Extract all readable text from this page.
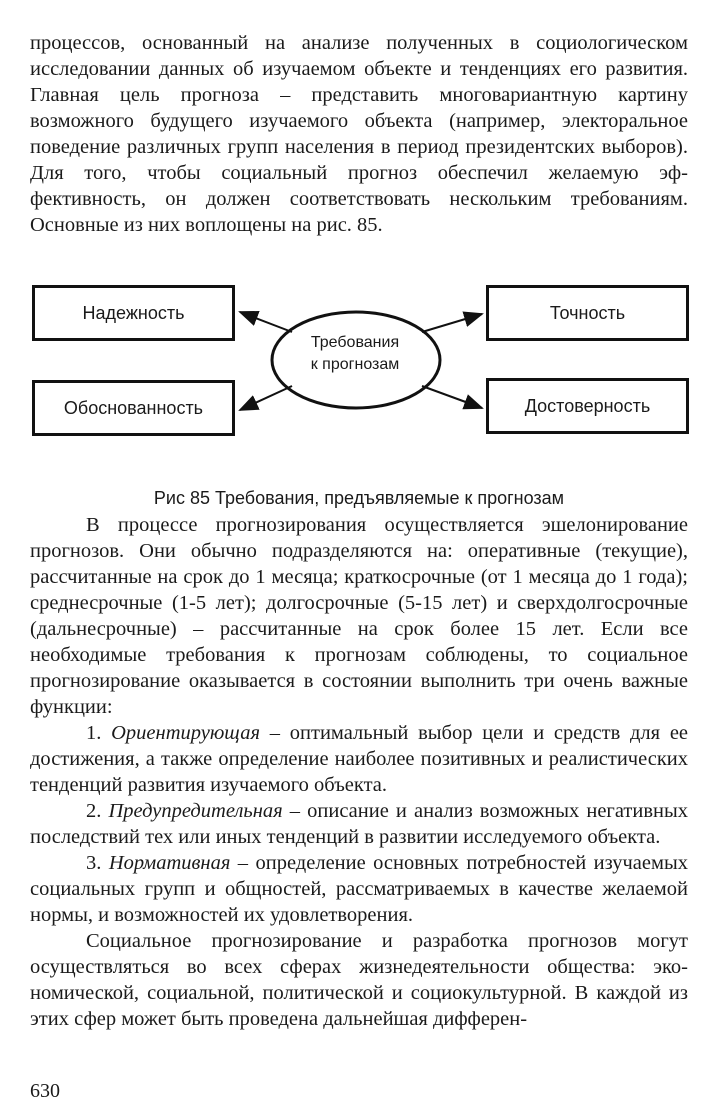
процессов, основанный на анализе полученных в социологическом исследовании данных об изучаемом объекте и тенденциях его развития. Главная цель прогноза – представить многовариантную картину возможного будущего изучаемого объекта (например, электоральное поведение различных групп населения в период президентских выборов). Для того, чтобы социальный прогноз обеспечил желаемую эффективность, он должен соответствовать нескольким требованиям. Основные из них воплощены на рис. 85.

Надежность
Обоснованность
Точность
Достоверность
Требования
к прогнозам
Рис 85 Требования, предъявляемые к прогнозам

В процессе прогнозирования осуществляется эшелонирование прогнозов. Они обычно подразделяются на: оперативные (текущие), рассчитанные на срок до 1 месяца; краткосрочные (от 1 месяца до 1 года); среднесрочные (1-5 лет); долгосрочные (5-15 лет) и сверхдолгосрочные (дальнесрочные) – рассчитанные на срок более 15 лет. Если все необходимые требования к прогнозам соблюдены, то социальное прогнозирование оказывается в состоянии выполнить три очень важные функции:

1. Ориентирующая – оптимальный выбор цели и средств для ее достижения, а также определение наиболее позитивных и реалистических тенденций развития изучаемого объекта.

2. Предупредительная – описание и анализ возможных негативных последствий тех или иных тенденций в развитии исследуемого объекта.

3. Нормативная – определение основных потребностей изучаемых социальных групп и общностей, рассматриваемых в качестве желаемой нормы, и возможностей их удовлетворения.

Социальное прогнозирование и разработка прогнозов могут осуществляться во всех сферах жизнедеятельности общества: экономической, социальной, политической и социокультурной. В каждой из этих сфер может быть проведена дальнейшая дифферен-

630
